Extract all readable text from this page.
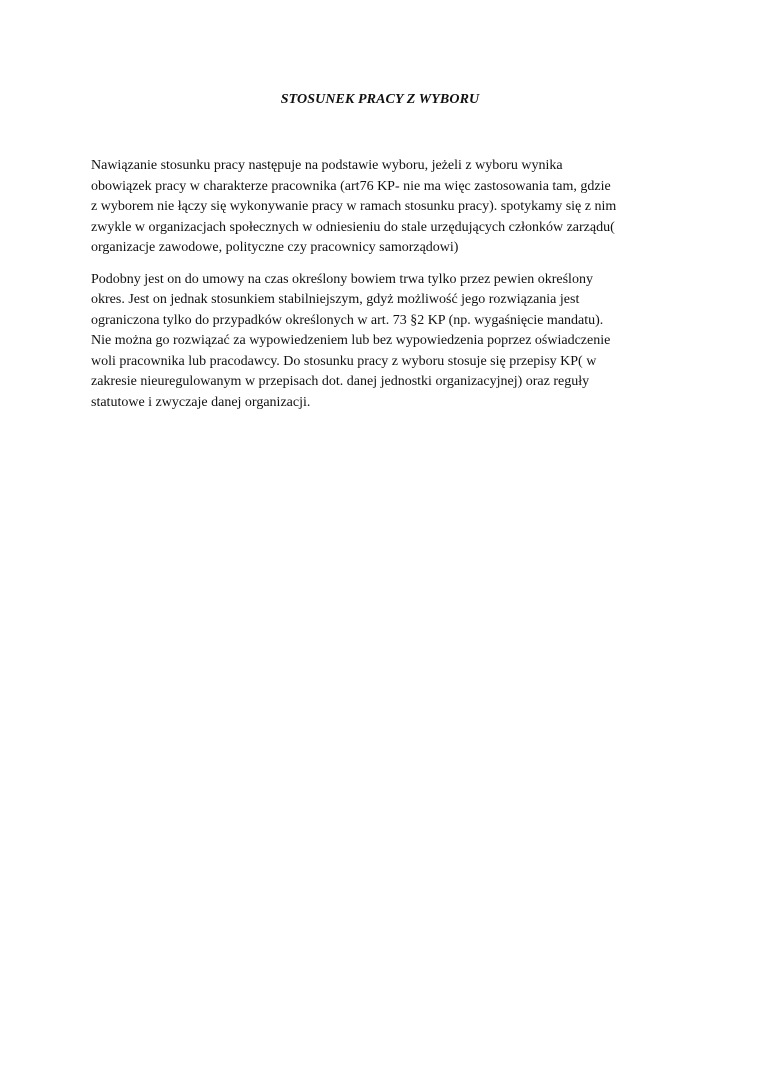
STOSUNEK PRACY Z WYBORU

Nawiązanie stosunku pracy następuje na podstawie wyboru, jeżeli z wyboru wynika
obowiązek pracy w charakterze pracownika (art76 KP- nie ma więc zastosowania tam, gdzie
z wyborem nie łączy się wykonywanie pracy w ramach stosunku pracy). spotykamy się z nim
zwykle w organizacjach społecznych w odniesieniu do stale urzędujących członków zarządu(
organizacje zawodowe, polityczne czy pracownicy samorządowi)

Podobny jest on do umowy na czas określony bowiem trwa tylko przez pewien określony
okres. Jest on jednak stosunkiem stabilniejszym, gdyż możliwość jego rozwiązania jest
ograniczona tylko do przypadków określonych w art. 73 §2 KP (np. wygaśnięcie mandatu).
Nie można go rozwiązać za wypowiedzeniem lub bez wypowiedzenia poprzez oświadczenie
woli pracownika lub pracodawcy. Do stosunku pracy z wyboru stosuje się przepisy KP( w
zakresie nieuregulowanym w przepisach dot. danej jednostki organizacyjnej) oraz reguły
statutowe i zwyczaje danej organizacji.
